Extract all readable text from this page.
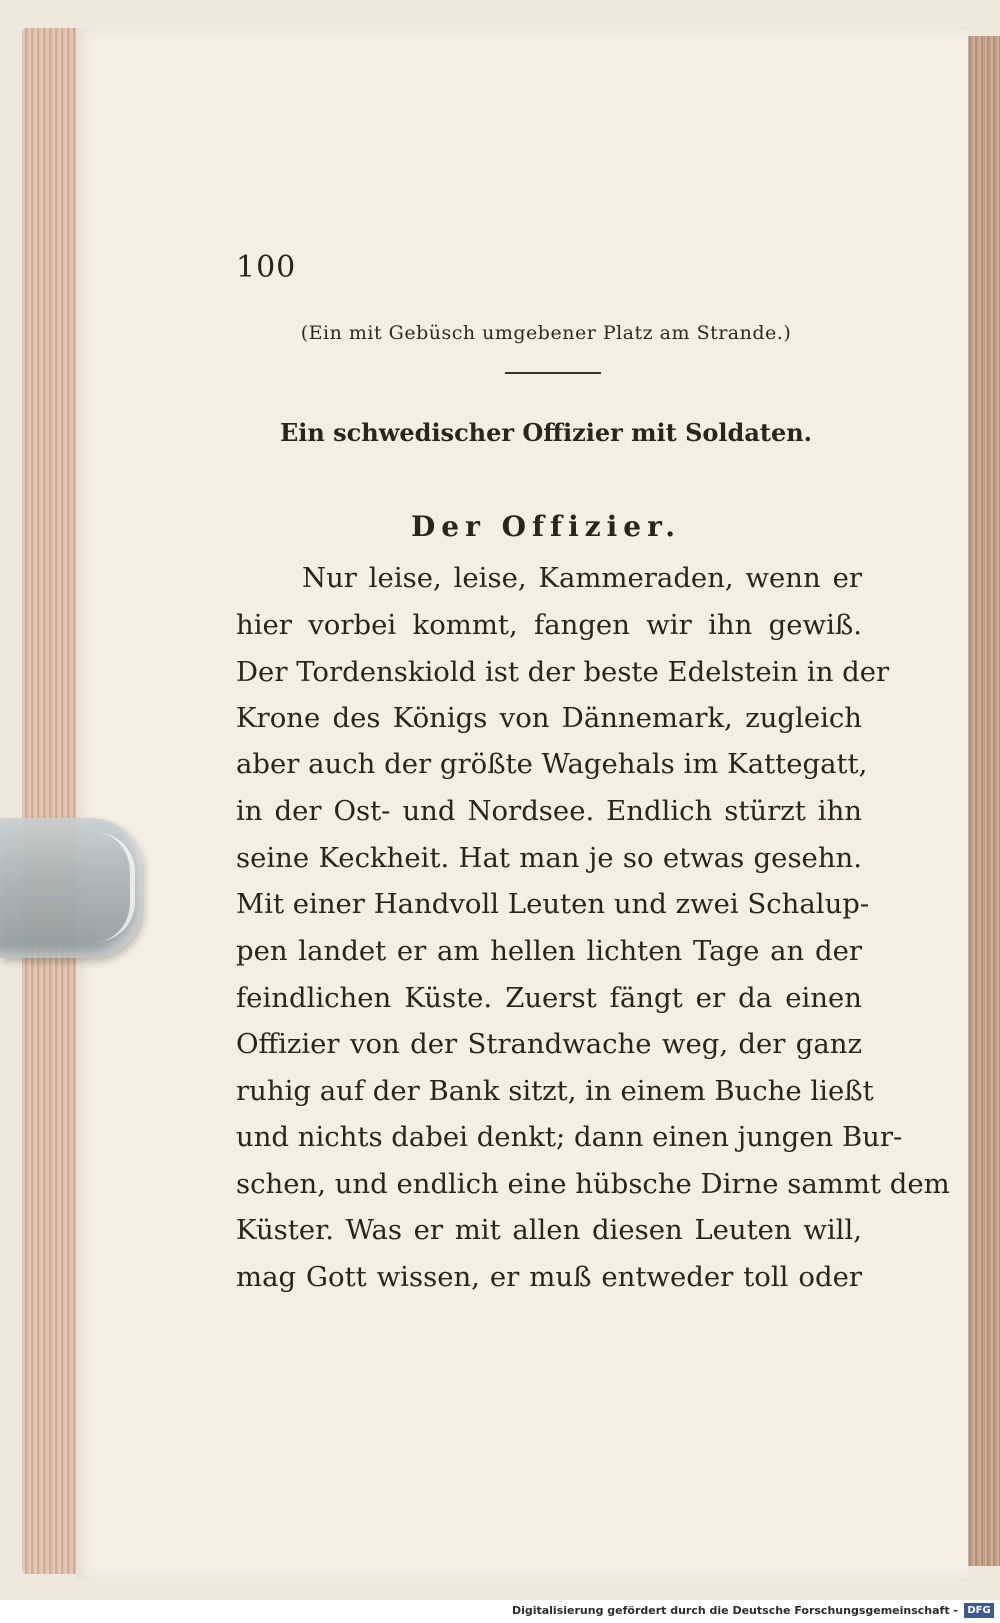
100
(Ein mit Gebüsch umgebener Platz am Strande.)
Ein schwedischer Offizier mit Soldaten.
Der Offizier.
Nur leise, leise, Kammeraden, wenn er
hier vorbei kommt, fangen wir ihn gewiß.
Der Tordenskiold ist der beste Edelstein in der
Krone des Königs von Dännemark, zugleich
aber auch der größte Wagehals im Kattegatt,
in der Ost- und Nordsee. Endlich stürzt ihn
seine Keckheit. Hat man je so etwas gesehn.
Mit einer Handvoll Leuten und zwei Schalup-
pen landet er am hellen lichten Tage an der
feindlichen Küste. Zuerst fängt er da einen
Offizier von der Strandwache weg, der ganz
ruhig auf der Bank sitzt, in einem Buche ließt
und nichts dabei denkt; dann einen jungen Bur-
schen, und endlich eine hübsche Dirne sammt dem
Küster. Was er mit allen diesen Leuten will,
mag Gott wissen, er muß entweder toll oder
Digitalisierung gefördert durch die Deutsche Forschungsgemeinschaft - DFG
